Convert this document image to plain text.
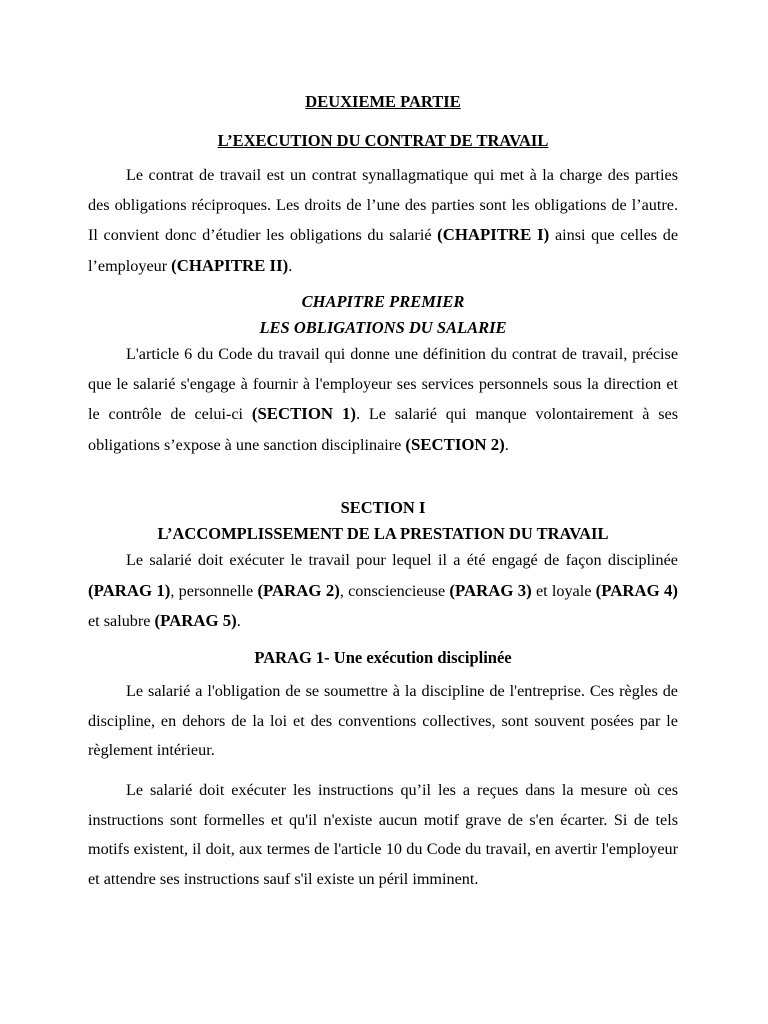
DEUXIEME PARTIE
L’EXECUTION DU CONTRAT DE TRAVAIL
Le contrat de travail est un contrat synallagmatique qui met à la charge des parties des obligations réciproques. Les droits de l’une des parties sont les obligations de l’autre. Il convient donc d’étudier les obligations du salarié (CHAPITRE I) ainsi que celles de l’employeur (CHAPITRE II).
CHAPITRE PREMIER
LES OBLIGATIONS DU SALARIE
L'article 6 du Code du travail qui donne une définition du contrat de travail, précise que le salarié s'engage à fournir à l'employeur ses services personnels sous la direction et le contrôle de celui-ci (SECTION 1). Le salarié qui manque volontairement à ses obligations s’expose à une sanction disciplinaire (SECTION 2).
SECTION I
L’ACCOMPLISSEMENT DE LA PRESTATION DU TRAVAIL
Le salarié doit exécuter le travail pour lequel il a été engagé de façon disciplinée (PARAG 1), personnelle (PARAG 2), consciencieuse (PARAG 3) et loyale (PARAG 4) et salubre (PARAG 5).
PARAG 1- Une exécution disciplinée
Le salarié a l'obligation de se soumettre à la discipline de l'entreprise. Ces règles de discipline, en dehors de la loi et des conventions collectives, sont souvent posées par le règlement intérieur.
Le salarié doit exécuter les instructions qu’il les a reçues dans la mesure où ces instructions sont formelles et qu'il n'existe aucun motif grave de s'en écarter. Si de tels motifs existent, il doit, aux termes de l'article 10 du Code du travail, en avertir l'employeur et attendre ses instructions sauf s'il existe un péril imminent.
